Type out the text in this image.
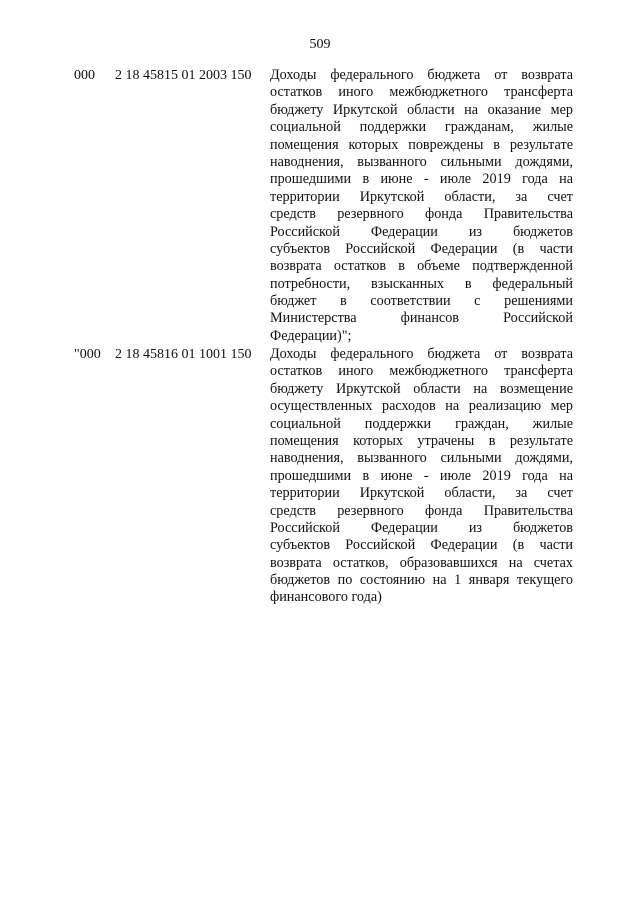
509
000 2 18 45815 01 2003 150 Доходы федерального бюджета от возврата
остатков иного межбюджетного трансферта
бюджету Иркутской области на оказание мер
социальной поддержки гражданам, жилые
помещения которых повреждены в результате
наводнения, вызванного сильными дождями,
прошедшими в июне - июле 2019 года на
территории Иркутской области, за счет
средств резервного фонда Правительства
Российской Федерации из бюджетов
субъектов Российской Федерации (в части
возврата остатков в объеме подтвержденной
потребности, взысканных в федеральный
бюджет в соответствии с решениями
Министерства финансов Российской
Федерации)";
"000 2 18 45816 01 1001 150 Доходы федерального бюджета от возврата
остатков иного межбюджетного трансферта
бюджету Иркутской области на возмещение
осуществленных расходов на реализацию мер
социальной поддержки граждан, жилые
помещения которых утрачены в результате
наводнения, вызванного сильными дождями,
прошедшими в июне - июле 2019 года на
территории Иркутской области, за счет
средств резервного фонда Правительства
Российской Федерации из бюджетов
субъектов Российской Федерации (в части
возврата остатков, образовавшихся на счетах
бюджетов по состоянию на 1 января текущего
финансового года)
